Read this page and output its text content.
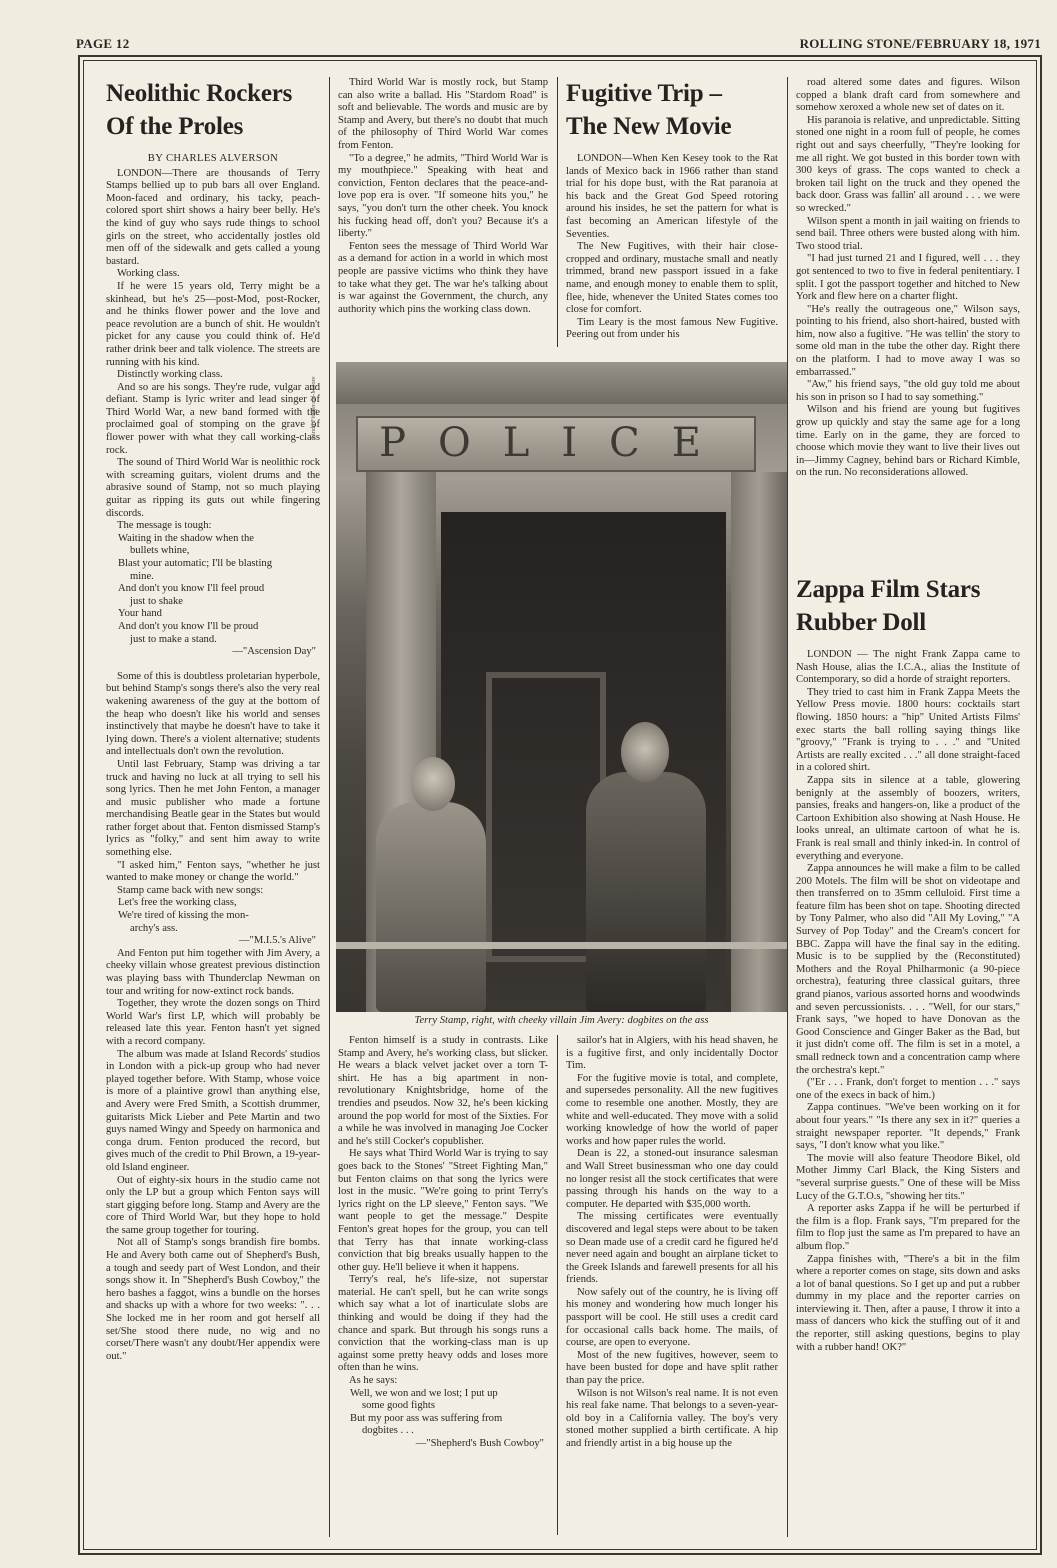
PAGE 12	ROLLING STONE/FEBRUARY 18, 1971
Neolithic Rockers
Of the Proles
BY CHARLES ALVERSON

LONDON—There are thousands of Terry Stamps bellied up to pub bars all over England. Moon-faced and ordinary, his tacky, peach-colored sport shirt shows a hairy beer belly. He's the kind of guy who says rude things to school girls on the street, who accidentally jostles old men off of the sidewalk and gets called a young bastard.

Working class.

If he were 15 years old, Terry might be a skinhead, but he's 25—post-Mod, post-Rocker, and he thinks flower power and the love and peace revolution are a bunch of shit. He wouldn't picket for any cause you could think of. He'd rather drink beer and talk violence. The streets are running with his kind.

Distinctly working class.

And so are his songs. They're rude, vulgar and defiant. Stamp is lyric writer and lead singer of Third World War, a new band formed with the proclaimed goal of stomping on the grave of flower power with what they call working-class rock.

The sound of Third World War is neolithic rock with screaming guitars, violent drums and the abrasive sound of Stamp, not so much playing guitar as ripping its guts out while fingering discords.

The message is tough:

Waiting in the shadow when the

bullets whine,

Blast your automatic; I'll be blasting

mine.

And don't you know I'll feel proud

just to shake

Your hand

And don't you know I'll be proud

just to make a stand.

—"Ascension Day"

Some of this is doubtless proletarian hyperbole, but behind Stamp's songs there's also the very real wakening awareness of the guy at the bottom of the heap who doesn't like his world and senses instinctively that maybe he doesn't have to take it lying down. There's a violent alternative; students and intellectuals don't own the revolution.

Until last February, Stamp was driving a tar truck and having no luck at all trying to sell his song lyrics. Then he met John Fenton, a manager and music publisher who made a fortune merchandising Beatle gear in the States but would rather forget about that. Fenton dismissed Stamp's lyrics as "folky," and sent him away to write something else.

"I asked him," Fenton says, "whether he just wanted to make money or change the world."

Stamp came back with new songs:

Let's free the working class,

We're tired of kissing the mon-

archy's ass.

—"M.I.5.'s Alive"

And Fenton put him together with Jim Avery, a cheeky villain whose greatest previous distinction was playing bass with Thunderclap Newman on tour and writing for now-extinct rock bands.

Together, they wrote the dozen songs on Third World War's first LP, which will probably be released late this year. Fenton hasn't yet signed with a record company.

The album was made at Island Records' studios in London with a pick-up group who had never played together before. With Stamp, whose voice is more of a plaintive growl than anything else, and Avery were Fred Smith, a Scottish drummer, guitarists Mick Lieber and Pete Martin and two guys named Wingy and Speedy on harmonica and conga drum. Fenton produced the record, but gives much of the credit to Phil Brown, a 19-year-old Island engineer.

Out of eighty-six hours in the studio came not only the LP but a group which Fenton says will start gigging before long. Stamp and Avery are the core of Third World War, but they hope to hold the same group together for touring.

Not all of Stamp's songs brandish fire bombs. He and Avery both came out of Shepherd's Bush, a tough and seedy part of West London, and their songs show it. In "Shepherd's Bush Cowboy," the hero bashes a faggot, wins a bundle on the horses and shacks up with a whore for two weeks: ". . . She locked me in her room and got herself all set/She stood there nude, no wig and no corset/There wasn't any doubt/Her appendix were out."

Third World War is mostly rock, but Stamp can also write a ballad. His "Stardom Road" is soft and believable. The words and music are by Stamp and Avery, but there's no doubt that much of the philosophy of Third World War comes from Fenton.

"To a degree," he admits, "Third World War is my mouthpiece." Speaking with heat and conviction, Fenton declares that the peace-and-love pop era is over. "If someone hits you," he says, "you don't turn the other cheek. You knock his fucking head off, don't you? Because it's a liberty."

Fenton sees the message of Third World War as a demand for action in a world in which most people are passive victims who think they have to take what they get. The war he's talking about is war against the Government, the church, any authority which pins the working class down.

Fugitive Trip –
The New Movie

LONDON—When Ken Kesey took to the Rat lands of Mexico back in 1966 rather than stand trial for his dope bust, with the Rat paranoia at his back and the Great God Speed rotoring around his insides, he set the pattern for what is fast becoming an American lifestyle of the Seventies.

The New Fugitives, with their hair close-cropped and ordinary, mustache small and neatly trimmed, brand new passport issued in a fake name, and enough money to enable them to split, flee, hide, whenever the United States comes too close for comfort.

Tim Leary is the most famous New Fugitive. Peering out from under his

POLICE
Linda Fitzgerald-Moore
Terry Stamp, right, with cheeky villain Jim Avery: dogbites on the ass

Fenton himself is a study in contrasts. Like Stamp and Avery, he's working class, but slicker. He wears a black velvet jacket over a torn T-shirt. He has a big apartment in non-revolutionary Knightsbridge, home of the trendies and pseudos. Now 32, he's been kicking around the pop world for most of the Sixties. For a while he was involved in managing Joe Cocker and he's still Cocker's copublisher.

He says what Third World War is trying to say goes back to the Stones' "Street Fighting Man," but Fenton claims on that song the lyrics were lost in the music. "We're going to print Terry's lyrics right on the LP sleeve," Fenton says. "We want people to get the message." Despite Fenton's great hopes for the group, you can tell that Terry has that innate working-class conviction that big breaks usually happen to the other guy. He'll believe it when it happens.

Terry's real, he's life-size, not superstar material. He can't spell, but he can write songs which say what a lot of inarticulate slobs are thinking and would be doing if they had the chance and spark. But through his songs runs a conviction that the working-class man is up against some pretty heavy odds and loses more often than he wins.

As he says:

Well, we won and we lost; I put up

some good fights

But my poor ass was suffering from

dogbites . . .

—"Shepherd's Bush Cowboy"

sailor's hat in Algiers, with his head shaven, he is a fugitive first, and only incidentally Doctor Tim.

For the fugitive movie is total, and complete, and supersedes personality. All the new fugitives come to resemble one another. Mostly, they are white and well-educated. They move with a solid working knowledge of how the world of paper works and how paper rules the world.

Dean is 22, a stoned-out insurance salesman and Wall Street businessman who one day could no longer resist all the stock certificates that were passing through his hands on the way to a computer. He departed with $35,000 worth.

The missing certificates were eventually discovered and legal steps were about to be taken so Dean made use of a credit card he figured he'd never need again and bought an airplane ticket to the Greek Islands and farewell presents for all his friends.

Now safely out of the country, he is living off his money and wondering how much longer his passport will be cool. He still uses a credit card for occasional calls back home. The mails, of course, are open to everyone.

Most of the new fugitives, however, seem to have been busted for dope and have split rather than pay the price.

Wilson is not Wilson's real name. It is not even his real fake name. That belongs to a seven-year-old boy in a California valley. The boy's very stoned mother supplied a birth certificate. A hip and friendly artist in a big house up the

road altered some dates and figures. Wilson copped a blank draft card from somewhere and somehow xeroxed a whole new set of dates on it.

His paranoia is relative, and unpredictable. Sitting stoned one night in a room full of people, he comes right out and says cheerfully, "They're looking for me all right. We got busted in this border town with 300 keys of grass. The cops wanted to check a broken tail light on the truck and they opened the back door. Grass was fallin' all around . . . we were so wrecked."

Wilson spent a month in jail waiting on friends to send bail. Three others were busted along with him. Two stood trial.

"I had just turned 21 and I figured, well . . . they got sentenced to two to five in federal penitentiary. I split. I got the passport together and hitched to New York and flew here on a charter flight.

"He's really the outrageous one," Wilson says, pointing to his friend, also short-haired, busted with him, now also a fugitive. "He was tellin' the story to some old man in the tube the other day. Right there on the platform. I had to move away I was so embarrassed."

"Aw," his friend says, "the old guy told me about his son in prison so I had to say something."

Wilson and his friend are young but fugitives grow up quickly and stay the same age for a long time. Early on in the game, they are forced to choose which movie they want to live their lives out in—Jimmy Cagney, behind bars or Richard Kimble, on the run. No reconsiderations allowed.

Zappa Film Stars
Rubber Doll

LONDON — The night Frank Zappa came to Nash House, alias the I.C.A., alias the Institute of Contemporary, so did a horde of straight reporters.

They tried to cast him in Frank Zappa Meets the Yellow Press movie. 1800 hours: cocktails start flowing. 1850 hours: a "hip" United Artists Films' exec starts the ball rolling saying things like "groovy," "Frank is trying to . . ." and "United Artists are really excited . . ." all done straight-faced in a colored shirt.

Zappa sits in silence at a table, glowering benignly at the assembly of boozers, writers, pansies, freaks and hangers-on, like a product of the Cartoon Exhibition also showing at Nash House. He looks unreal, an ultimate cartoon of what he is. Frank is real small and thinly inked-in. In control of everything and everyone.

Zappa announces he will make a film to be called 200 Motels. The film will be shot on videotape and then transferred on to 35mm celluloid. First time a feature film has been shot on tape. Shooting directed by Tony Palmer, who also did "All My Loving," "A Survey of Pop Today" and the Cream's concert for BBC. Zappa will have the final say in the editing. Music is to be supplied by the (Reconstituted) Mothers and the Royal Philharmonic (a 90-piece orchestra), featuring three classical guitars, three grand pianos, various assorted horns and woodwinds and seven percussionists. . . . "Well, for our stars," Frank says, "we hoped to have Donovan as the Good Conscience and Ginger Baker as the Bad, but it just didn't come off. The film is set in a motel, a small redneck town and a concentration camp where the orchestra's kept."

("Er . . . Frank, don't forget to mention . . ." says one of the execs in back of him.)

Zappa continues. "We've been working on it for about four years." "Is there any sex in it?" queries a straight newspaper reporter. "It depends," Frank says, "I don't know what you like."

The movie will also feature Theodore Bikel, old Mother Jimmy Carl Black, the King Sisters and "several surprise guests." One of these will be Miss Lucy of the G.T.O.s, "showing her tits."

A reporter asks Zappa if he will be perturbed if the film is a flop. Frank says, "I'm prepared for the film to flop just the same as I'm prepared to have an album flop."

Zappa finishes with, "There's a bit in the film where a reporter comes on stage, sits down and asks a lot of banal questions. So I get up and put a rubber dummy in my place and the reporter carries on interviewing it. Then, after a pause, I throw it into a mass of dancers who kick the stuffing out of it and the reporter, still asking questions, begins to play with a rubber hand! OK?"
